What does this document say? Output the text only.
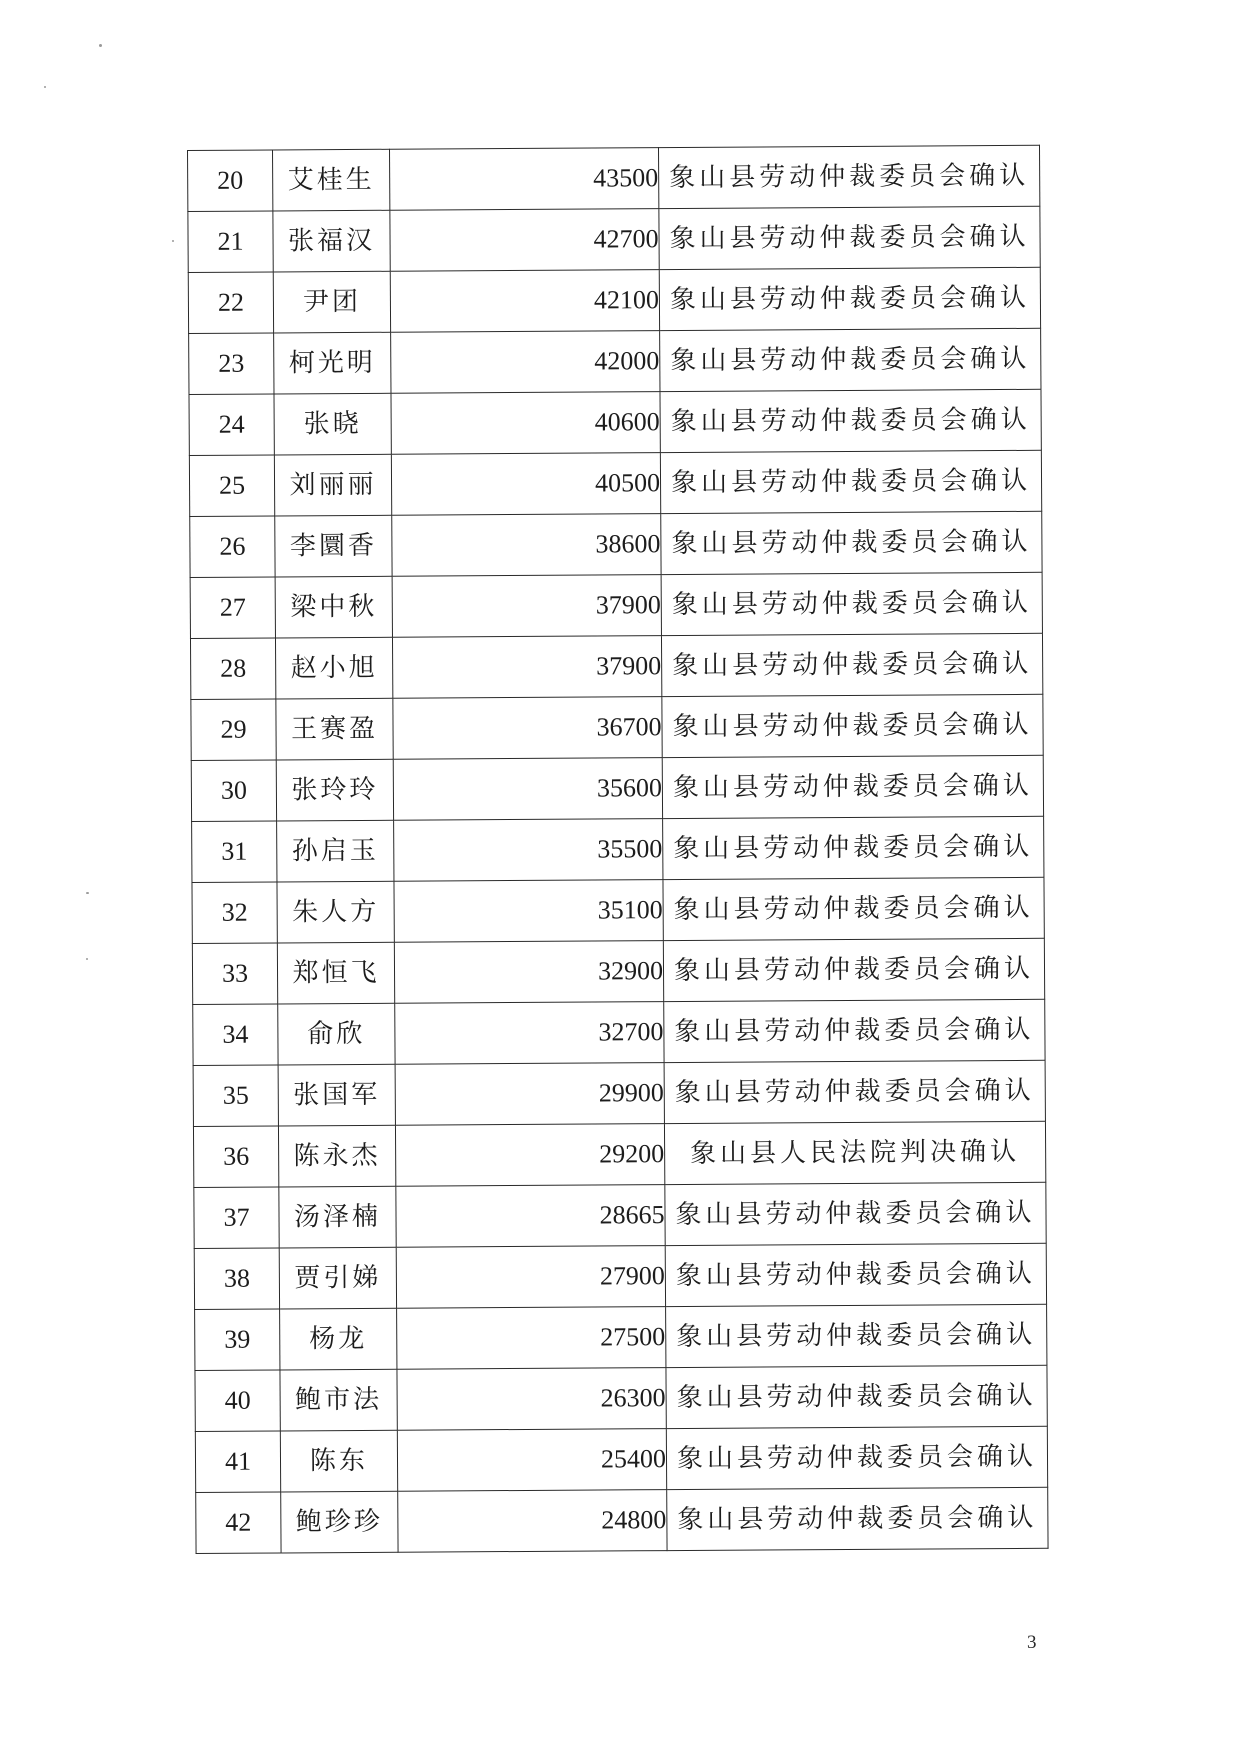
20	艾桂生	43500	象山县劳动仲裁委员会确认
21	张福汉	42700	象山县劳动仲裁委员会确认
22	尹团	42100	象山县劳动仲裁委员会确认
23	柯光明	42000	象山县劳动仲裁委员会确认
24	张晓	40600	象山县劳动仲裁委员会确认
25	刘丽丽	40500	象山县劳动仲裁委员会确认
26	李圜香	38600	象山县劳动仲裁委员会确认
27	梁中秋	37900	象山县劳动仲裁委员会确认
28	赵小旭	37900	象山县劳动仲裁委员会确认
29	王赛盈	36700	象山县劳动仲裁委员会确认
30	张玲玲	35600	象山县劳动仲裁委员会确认
31	孙启玉	35500	象山县劳动仲裁委员会确认
32	朱人方	35100	象山县劳动仲裁委员会确认
33	郑恒飞	32900	象山县劳动仲裁委员会确认
34	俞欣	32700	象山县劳动仲裁委员会确认
35	张国军	29900	象山县劳动仲裁委员会确认
36	陈永杰	29200	象山县人民法院判决确认
37	汤泽楠	28665	象山县劳动仲裁委员会确认
38	贾引娣	27900	象山县劳动仲裁委员会确认
39	杨龙	27500	象山县劳动仲裁委员会确认
40	鲍市法	26300	象山县劳动仲裁委员会确认
41	陈东	25400	象山县劳动仲裁委员会确认
42	鲍珍珍	24800	象山县劳动仲裁委员会确认
3
